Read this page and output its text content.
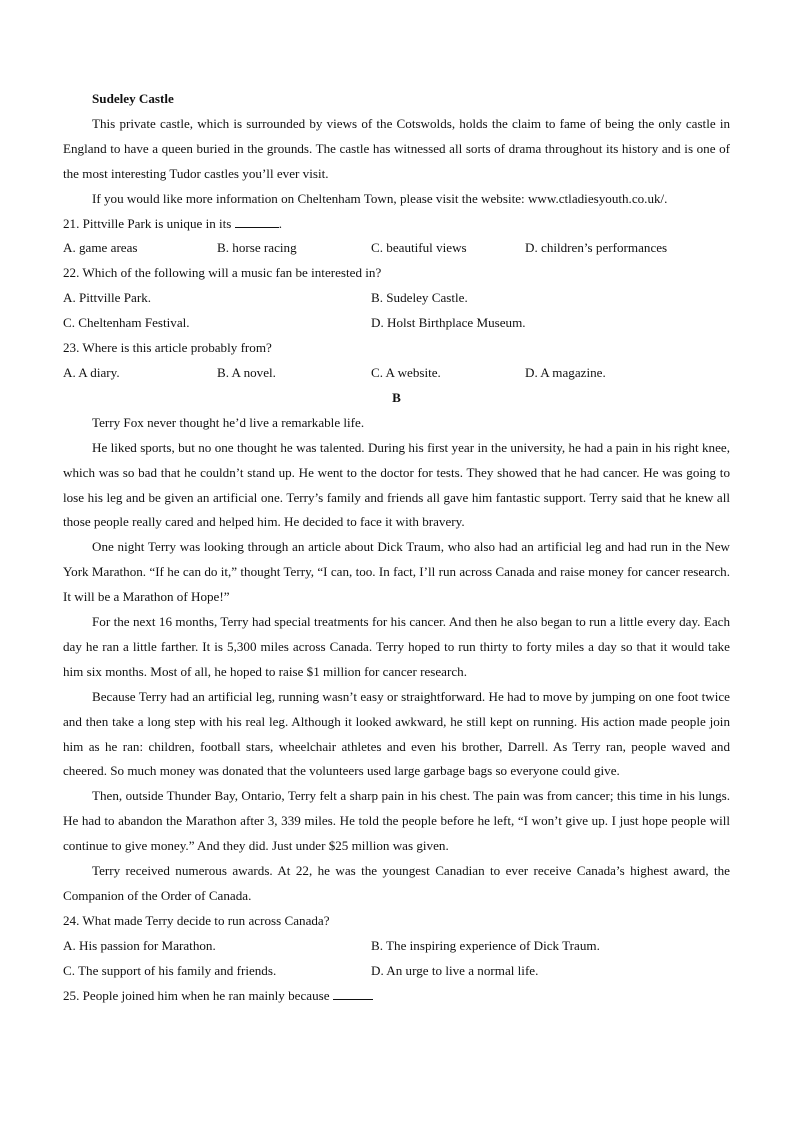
Sudeley Castle

This private castle, which is surrounded by views of the Cotswolds, holds the claim to fame of being the only castle in England to have a queen buried in the grounds. The castle has witnessed all sorts of drama throughout its history and is one of the most interesting Tudor castles you’ll ever visit.

If you would like more information on Cheltenham Town, please visit the website: www.ctladiesyouth.co.uk/.

21. Pittville Park is unique in its	.

A. game areas	B. horse racing	C. beautiful views	D. children’s performances

22. Which of the following will a music fan be interested in?

A. Pittville Park.	B. Sudeley Castle.
C. Cheltenham Festival.	D. Holst Birthplace Museum.

23. Where is this article probably from?

A. A diary.	B. A novel.	C. A website.	D. A magazine.

B

Terry Fox never thought he’d live a remarkable life.

He liked sports, but no one thought he was talented. During his first year in the university, he had a pain in his right knee, which was so bad that he couldn’t stand up. He went to the doctor for tests. They showed that he had cancer. He was going to lose his leg and be given an artificial one. Terry’s family and friends all gave him fantastic support. Terry said that he knew all those people really cared and helped him. He decided to face it with bravery.

One night Terry was looking through an article about Dick Traum, who also had an artificial leg and had run in the New York Marathon. “If he can do it,” thought Terry, “I can, too. In fact, I’ll run across Canada and raise money for cancer research. It will be a Marathon of Hope!”

For the next 16 months, Terry had special treatments for his cancer. And then he also began to run a little every day. Each day he ran a little farther. It is 5,300 miles across Canada. Terry hoped to run thirty to forty miles a day so that it would take him six months. Most of all, he hoped to raise $1 million for cancer research.

Because Terry had an artificial leg, running wasn’t easy or straightforward. He had to move by jumping on one foot twice and then take a long step with his real leg. Although it looked awkward, he still kept on running. His action made people join him as he ran: children, football stars, wheelchair athletes and even his brother, Darrell. As Terry ran, people waved and cheered. So much money was donated that the volunteers used large garbage bags so everyone could give.

Then, outside Thunder Bay, Ontario, Terry felt a sharp pain in his chest. The pain was from cancer; this time in his lungs. He had to abandon the Marathon after 3, 339 miles. He told the people before he left, “I won’t give up. I just hope people will continue to give money.” And they did. Just under $25 million was given.

Terry received numerous awards. At 22, he was the youngest Canadian to ever receive Canada’s highest award, the Companion of the Order of Canada.

24. What made Terry decide to run across Canada?

A. His passion for Marathon.	B. The inspiring experience of Dick Traum.
C. The support of his family and friends.	D. An urge to live a normal life.

25. People joined him when he ran mainly because
